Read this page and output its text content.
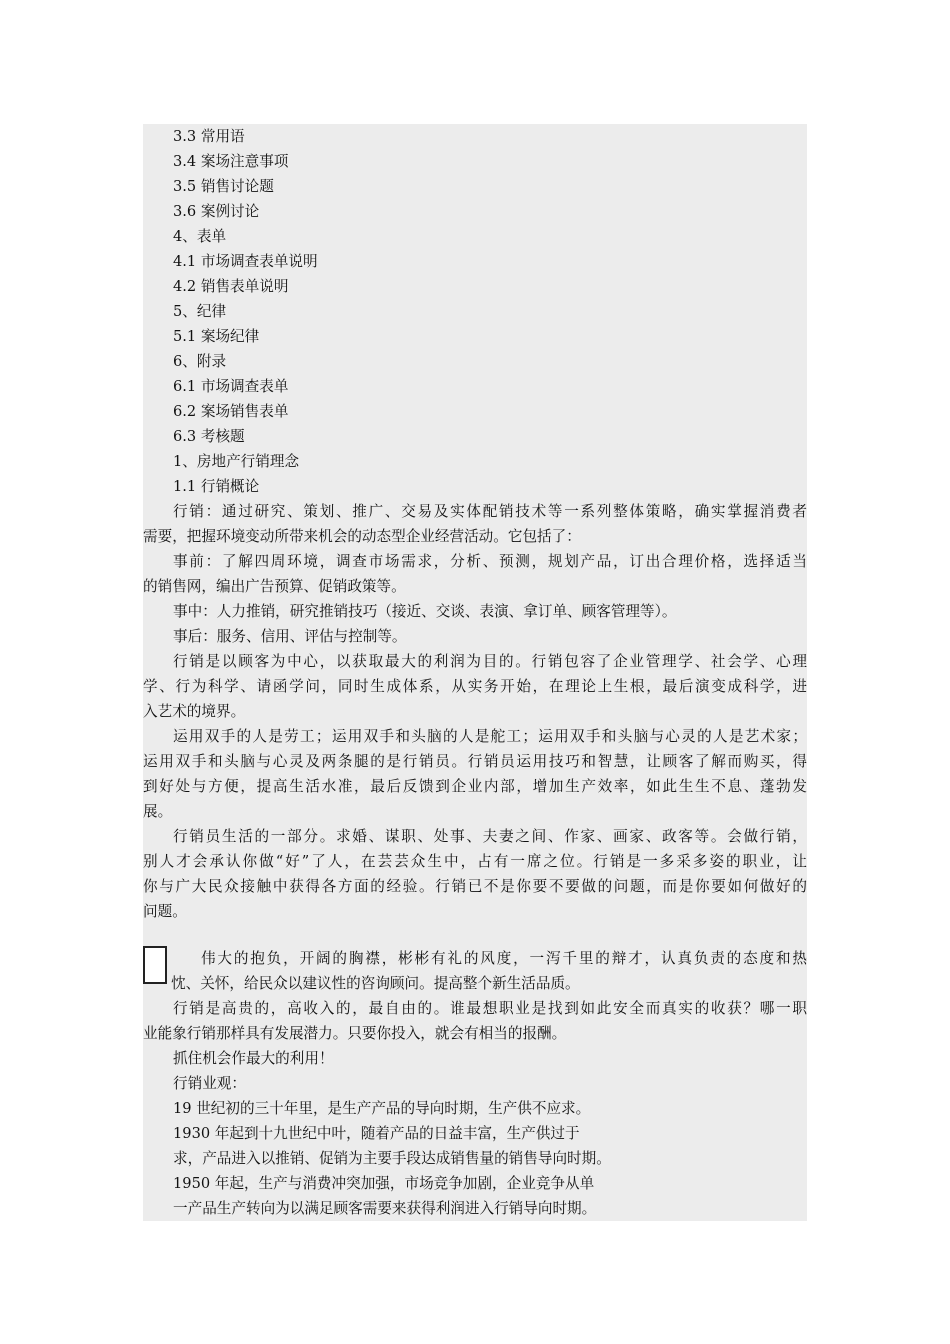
3.3 常用语
3.4 案场注意事项
3.5 销售讨论题
3.6 案例讨论
4、表单
4.1 市场调查表单说明
4.2 销售表单说明
5、纪律
5.1 案场纪律
6、附录
6.1 市场调查表单
6.2 案场销售表单
6.3 考核题
1、房地产行销理念
1.1 行销概论
行销：通过研究、策划、推广、交易及实体配销技术等一系列整体策略，确实掌握消费者
需要，把握环境变动所带来机会的动态型企业经营活动。它包括了：
事前：了解四周环境，调查市场需求，分析、预测，规划产品，订出合理价格，选择适当
的销售网，编出广告预算、促销政策等。
事中：人力推销，研究推销技巧（接近、交谈、表演、拿订单、顾客管理等）。
事后：服务、信用、评估与控制等。
行销是以顾客为中心，以获取最大的利润为目的。行销包容了企业管理学、社会学、心理
学、行为科学、请函学问，同时生成体系，从实务开始，在理论上生根，最后演变成科学，进
入艺术的境界。
运用双手的人是劳工；运用双手和头脑的人是舵工；运用双手和头脑与心灵的人是艺术家；
运用双手和头脑与心灵及两条腿的是行销员。行销员运用技巧和智慧，让顾客了解而购买，得
到好处与方便，提高生活水准，最后反馈到企业内部，增加生产效率，如此生生不息、蓬勃发
展。
行销员生活的一部分。求婚、谋职、处事、夫妻之间、作家、画家、政客等。会做行销，
别人才会承认你做“好”了人，在芸芸众生中，占有一席之位。行销是一多采多姿的职业，让
你与广大民众接触中获得各方面的经验。行销已不是你要不要做的问题，而是你要如何做好的
问题。
伟大的抱负，开阔的胸襟，彬彬有礼的风度，一泻千里的辩才，认真负责的态度和热
忱、关怀，给民众以建议性的咨询顾问。提高整个新生活品质。
行销是高贵的，高收入的，最自由的。谁最想职业是找到如此安全而真实的收获？哪一职
业能象行销那样具有发展潜力。只要你投入，就会有相当的报酬。
抓住机会作最大的利用！
行销业观：
19 世纪初的三十年里，是生产产品的导向时期，生产供不应求。
1930 年起到十九世纪中叶，随着产品的日益丰富，生产供过于
求，产品进入以推销、促销为主要手段达成销售量的销售导向时期。
1950 年起，生产与消费冲突加强，市场竞争加剧，企业竞争从单
一产品生产转向为以满足顾客需要来获得利润进入行销导向时期。
